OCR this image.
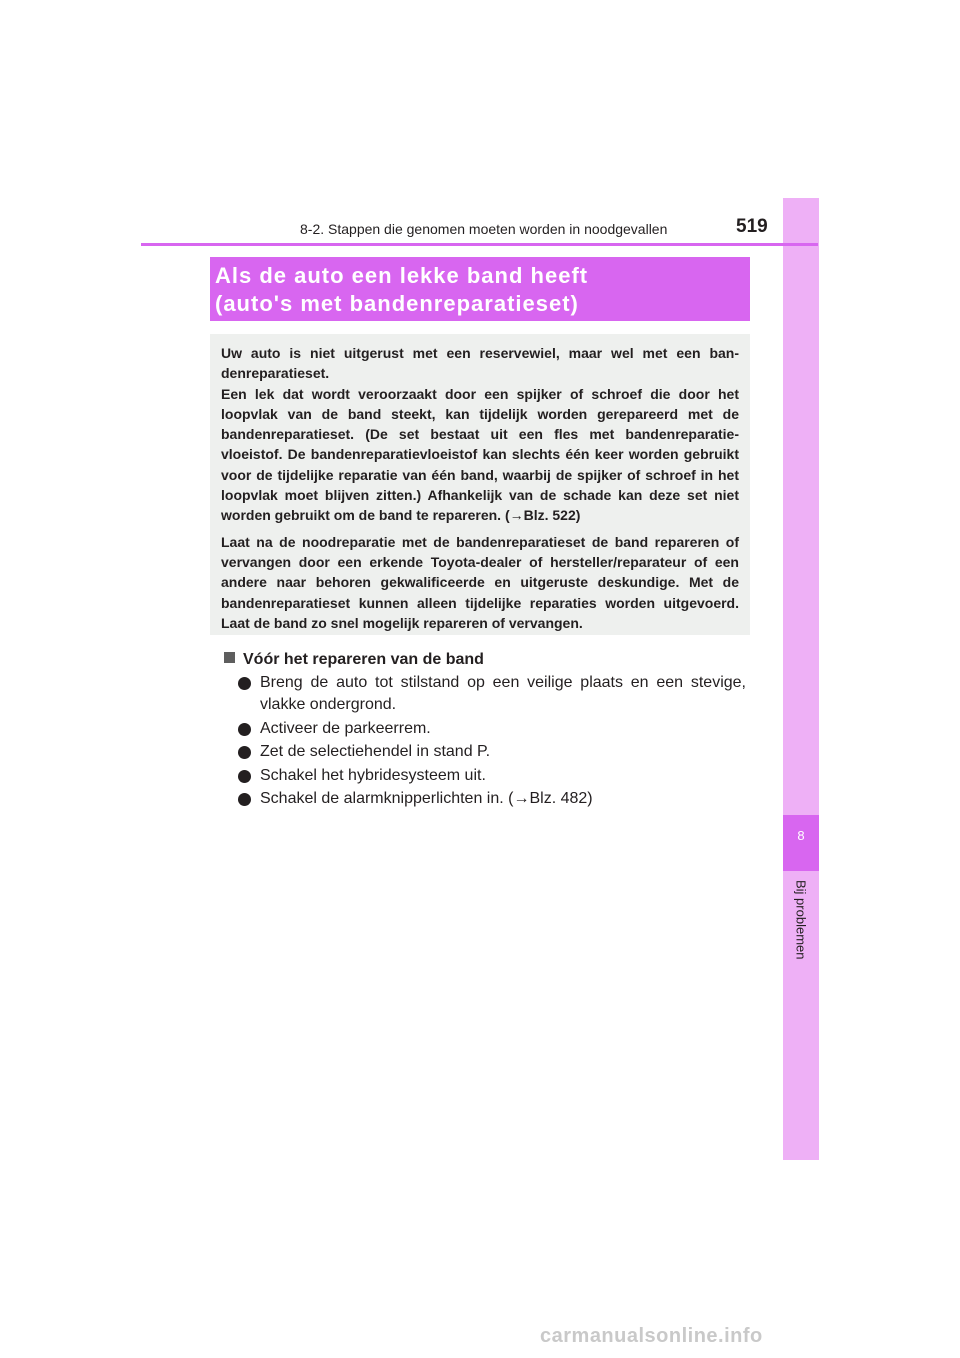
8
Bij problemen
8-2. Stappen die genomen moeten worden in noodgevallen	519
Als de auto een lekke band heeft
(auto's met bandenreparatieset)

Uw auto is niet uitgerust met een reservewiel, maar wel met een ban-denreparatieset.

Een lek dat wordt veroorzaakt door een spijker of schroef die door het loopvlak van de band steekt, kan tijdelijk worden gerepareerd met de bandenreparatieset. (De set bestaat uit een fles met bandenreparatie-vloeistof. De bandenreparatievloeistof kan slechts één keer worden gebruikt voor de tijdelijke reparatie van één band, waarbij de spijker of schroef in het loopvlak moet blijven zitten.) Afhankelijk van de schade kan deze set niet worden gebruikt om de band te repareren. (→Blz. 522)

Laat na de noodreparatie met de bandenreparatieset de band repareren of vervangen door een erkende Toyota-dealer of hersteller/reparateur of een andere naar behoren gekwalificeerde en uitgeruste deskundige. Met de bandenreparatieset kunnen alleen tijdelijke reparaties worden uitgevoerd. Laat de band zo snel mogelijk repareren of vervangen.

Vóór het repareren van de band
Breng de auto tot stilstand op een veilige plaats en een stevige, vlakke ondergrond.
Activeer de parkeerrem.
Zet de selectiehendel in stand P.
Schakel het hybridesysteem uit.
Schakel de alarmknipperlichten in. (→Blz. 482)
carmanualsonline.info
